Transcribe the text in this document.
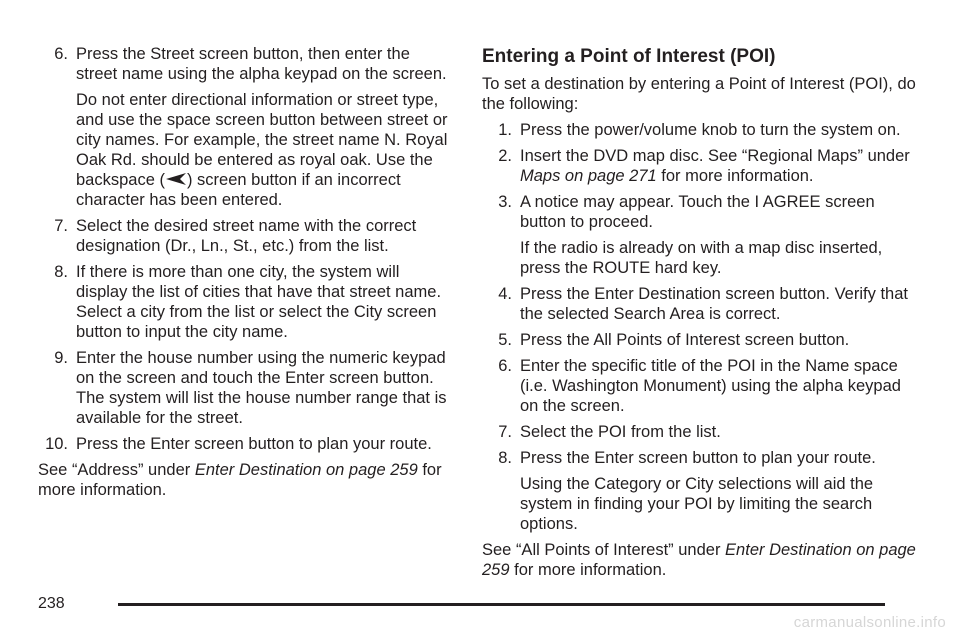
6. Press the Street screen button, then enter the street name using the alpha keypad on the screen.
Do not enter directional information or street type, and use the space screen button between street or city names. For example, the street name N. Royal Oak Rd. should be entered as royal oak. Use the backspace ( ) screen button if an incorrect character has been entered.
7. Select the desired street name with the correct designation (Dr., Ln., St., etc.) from the list.
8. If there is more than one city, the system will display the list of cities that have that street name. Select a city from the list or select the City screen button to input the city name.
9. Enter the house number using the numeric keypad on the screen and touch the Enter screen button. The system will list the house number range that is available for the street.
10. Press the Enter screen button to plan your route.
See “Address” under Enter Destination on page 259 for more information.
Entering a Point of Interest (POI)
To set a destination by entering a Point of Interest (POI), do the following:
1. Press the power/volume knob to turn the system on.
2. Insert the DVD map disc. See “Regional Maps” under Maps on page 271 for more information.
3. A notice may appear. Touch the I AGREE screen button to proceed.
If the radio is already on with a map disc inserted, press the ROUTE hard key.
4. Press the Enter Destination screen button. Verify that the selected Search Area is correct.
5. Press the All Points of Interest screen button.
6. Enter the specific title of the POI in the Name space (i.e. Washington Monument) using the alpha keypad on the screen.
7. Select the POI from the list.
8. Press the Enter screen button to plan your route.
Using the Category or City selections will aid the system in finding your POI by limiting the search options.
See “All Points of Interest” under Enter Destination on page 259 for more information.
238
carmanualsonline.info
